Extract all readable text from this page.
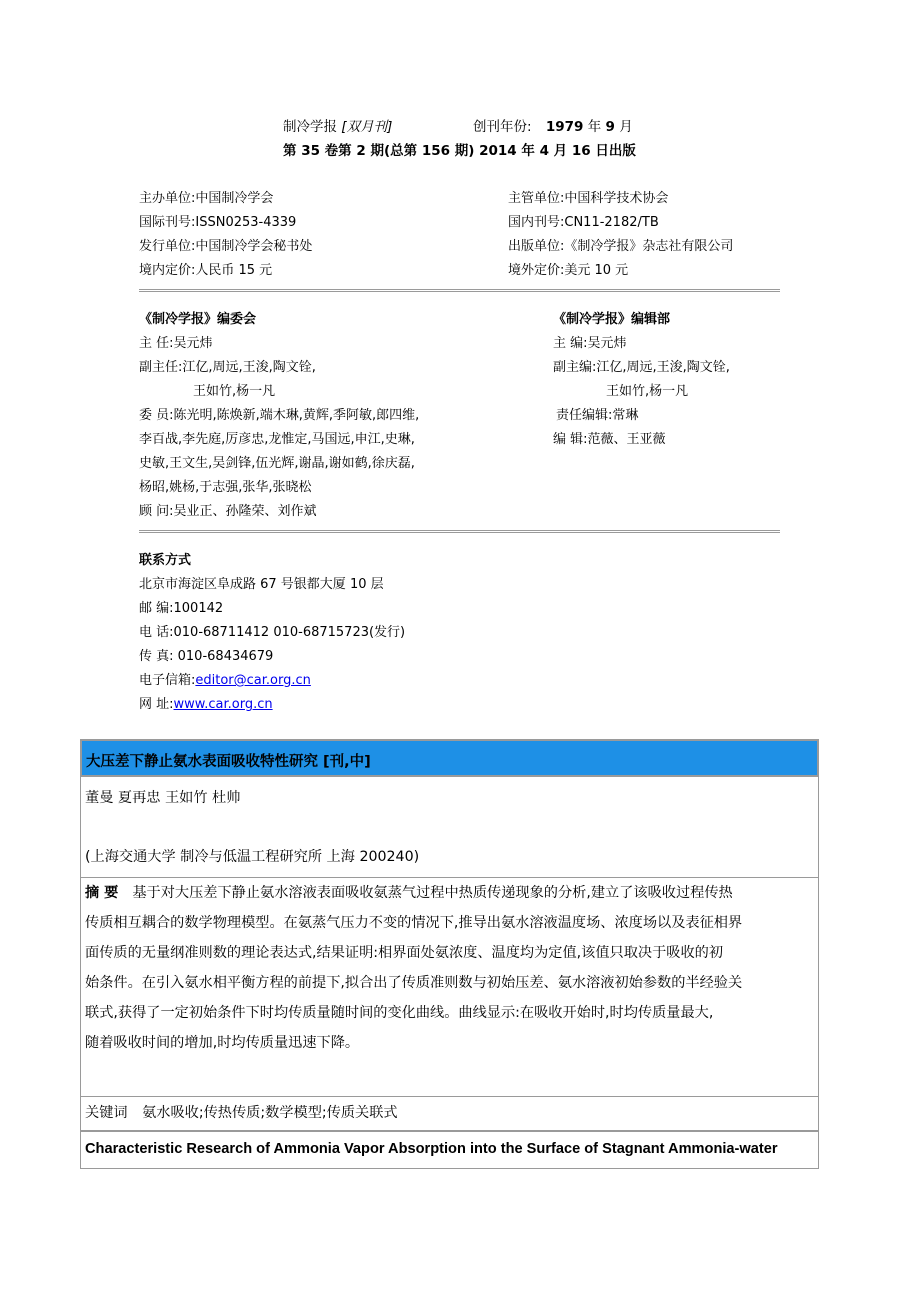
制冷学报 [双月刊]	创刊年份: 1979 年 9 月
第 35 卷第 2 期(总第 156 期) 2014 年 4 月 16 日出版
主办单位:中国制冷学会	主管单位:中国科学技术协会
国际刊号:ISSN0253-4339	国内刊号:CN11-2182/TB
发行单位:中国制冷学会秘书处	出版单位:《制冷学报》杂志社有限公司
境内定价:人民币 15 元	境外定价:美元 10 元
《制冷学报》编委会
主 任:吴元炜
副主任:江亿,周远,王浚,陶文铨,
王如竹,杨一凡
委 员:陈光明,陈焕新,端木琳,黄辉,季阿敏,郎四维,
李百战,李先庭,厉彦忠,龙惟定,马国远,申江,史琳,
史敏,王文生,吴剑锋,伍光辉,谢晶,谢如鹤,徐庆磊,
杨昭,姚杨,于志强,张华,张晓松
顾 问:吴业正、孙隆荣、刘作斌
《制冷学报》编辑部
主 编:吴元炜
副主编:江亿,周远,王浚,陶文铨,
王如竹,杨一凡
责任编辑:常琳
编 辑:范薇、王亚薇
联系方式
北京市海淀区阜成路 67 号银都大厦 10 层
邮 编:100142
电 话:010-68711412 010-68715723(发行)
传 真: 010-68434679
电子信箱:editor@car.org.cn
网 址:www.car.org.cn
大压差下静止氨水表面吸收特性研究 [刊,中]
董曼 夏再忠 王如竹 杜帅
(上海交通大学 制冷与低温工程研究所 上海 200240)
摘 要 基于对大压差下静止氨水溶液表面吸收氨蒸气过程中热质传递现象的分析,建立了该吸收过程传热
传质相互耦合的数学物理模型。在氨蒸气压力不变的情况下,推导出氨水溶液温度场、浓度场以及表征相界
面传质的无量纲准则数的理论表达式,结果证明:相界面处氨浓度、温度均为定值,该值只取决于吸收的初
始条件。在引入氨水相平衡方程的前提下,拟合出了传质准则数与初始压差、氨水溶液初始参数的半经验关
联式,获得了一定初始条件下时均传质量随时间的变化曲线。曲线显示:在吸收开始时,时均传质量最大,
随着吸收时间的增加,时均传质量迅速下降。
关键词 氨水吸收;传热传质;数学模型;传质关联式
Characteristic Research of Ammonia Vapor Absorption into the Surface of Stagnant Ammonia-water
